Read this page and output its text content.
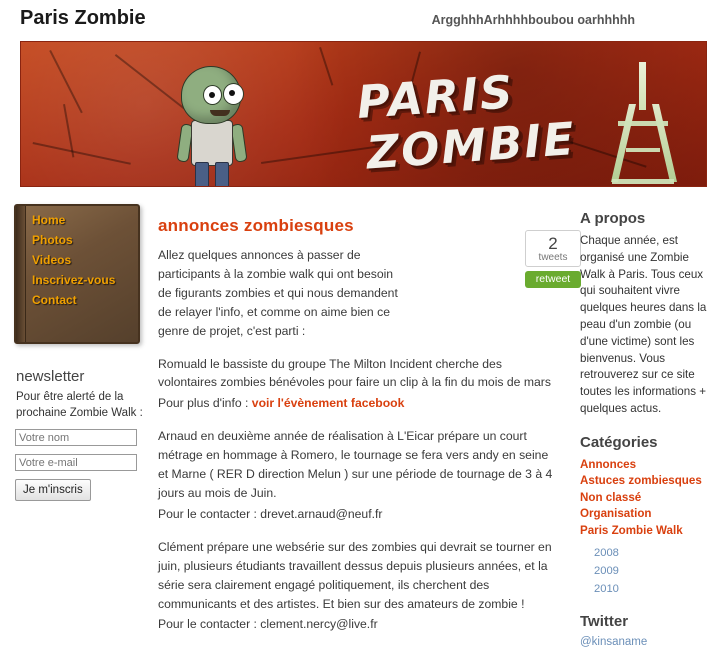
Paris Zombie	ArgghhhArhhhhboubou oarhhhhh
PARIS
ZOMBIE
Home
Photos
Videos
Inscrivez-vous
Contact
newsletter

Pour être alerté de la prochaine Zombie Walk :

Votre nom
Votre e-mail Je m'inscris
annonces zombiesques
2
tweets
retweet

Allez quelques annonces à passer de participants à la zombie walk qui ont besoin de figurants zombies et qui nous demandent de relayer l'info, et comme on aime bien ce genre de projet, c'est parti :

Romuald le bassiste du groupe The Milton Incident cherche des volontaires zombies bénévoles pour faire un clip à la fin du mois de mars

Pour plus d'info : voir l'évènement facebook

Arnaud en deuxième année de réalisation à L'Eicar prépare un court métrage en hommage à Romero, le tournage se fera vers andy en seine et Marne ( RER D direction Melun ) sur une période de tournage de 3 à 4 jours au mois de Juin.

Pour le contacter : drevet.arnaud@neuf.fr

Clément prépare une websérie sur des zombies qui devrait se tourner en juin, plusieurs étudiants travaillent dessus depuis plusieurs années, et la série sera clairement engagé politiquement, ils cherchent des communicants et des artistes. Et bien sur des amateurs de zombie !

Pour le contacter : clement.nercy@live.fr

A propos

Chaque année, est organisé une Zombie Walk à Paris. Tous ceux qui souhaitent vivre quelques heures dans la peau d'un zombie (ou d'une victime) sont les bienvenus. Vous retrouverez sur ce site toutes les informations + quelques actus.

Catégories
Annonces
Astuces zombiesques
Non classé
Organisation
Paris Zombie Walk
2008
2009
2010
Twitter

@kinsaname
